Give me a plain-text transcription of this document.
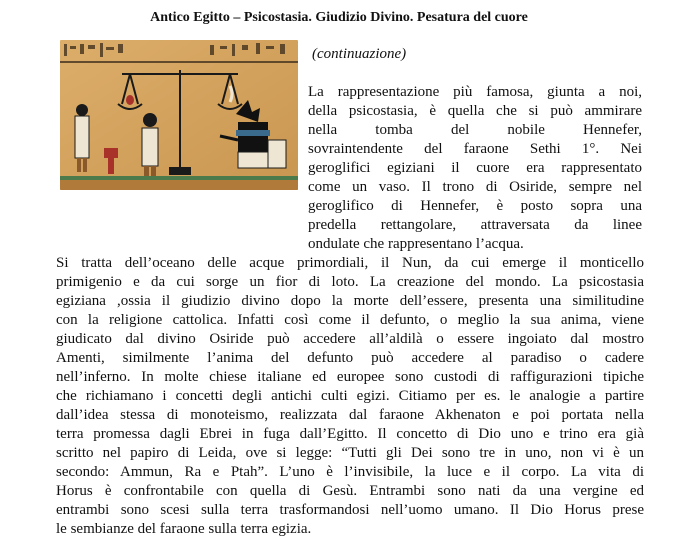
Antico Egitto – Psicostasia. Giudizio Divino. Pesatura del cuore
(continuazione)
La rappresentazione più famosa, giunta a noi,
della psicostasia, è quella che si può ammirare
nella tomba del nobile Hennefer,
sovraintendente del faraone Sethi 1°. Nei
geroglifici egiziani il cuore era rappresentato
come un vaso. Il trono di Osiride, sempre nel
geroglifico di Hennefer, è posto sopra una
predella rettangolare, attraversata da linee
ondulate che rappresentano l’acqua.
Si tratta dell’oceano delle acque primordiali, il Nun, da cui emerge il monticello
primigenio e da cui sorge un fior di loto. La creazione del mondo. La psicostasia
egiziana ,ossia il giudizio divino dopo la morte dell’essere, presenta una similitudine
con la religione cattolica. Infatti così come il defunto, o meglio la sua anima, viene
giudicato dal divino Osiride può accedere all’aldilà o essere ingoiato dal mostro
Amenti, similmente l’anima del defunto può accedere al paradiso o cadere
nell’inferno. In molte chiese italiane ed europee sono custodi di raffigurazioni tipiche
che richiamano i concetti degli antichi culti egizi. Citiamo per es. le analogie a partire
dall’idea stessa di monoteismo, realizzata dal faraone Akhenaton e poi portata nella
terra promessa dagli Ebrei in fuga dall’Egitto. Il concetto di Dio uno e trino era già
scritto nel papiro di Leida, ove si legge: “Tutti gli Dei sono tre in uno, non vi è un
secondo: Ammun, Ra e Ptah”. L’uno è l’invisibile, la luce e il corpo. La vita di
Horus è confrontabile con quella di Gesù. Entrambi sono nati da una vergine ed
entrambi sono scesi sulla terra trasformandosi nell’uomo umano. Il Dio Horus prese
le sembianze del faraone sulla terra egizia.
